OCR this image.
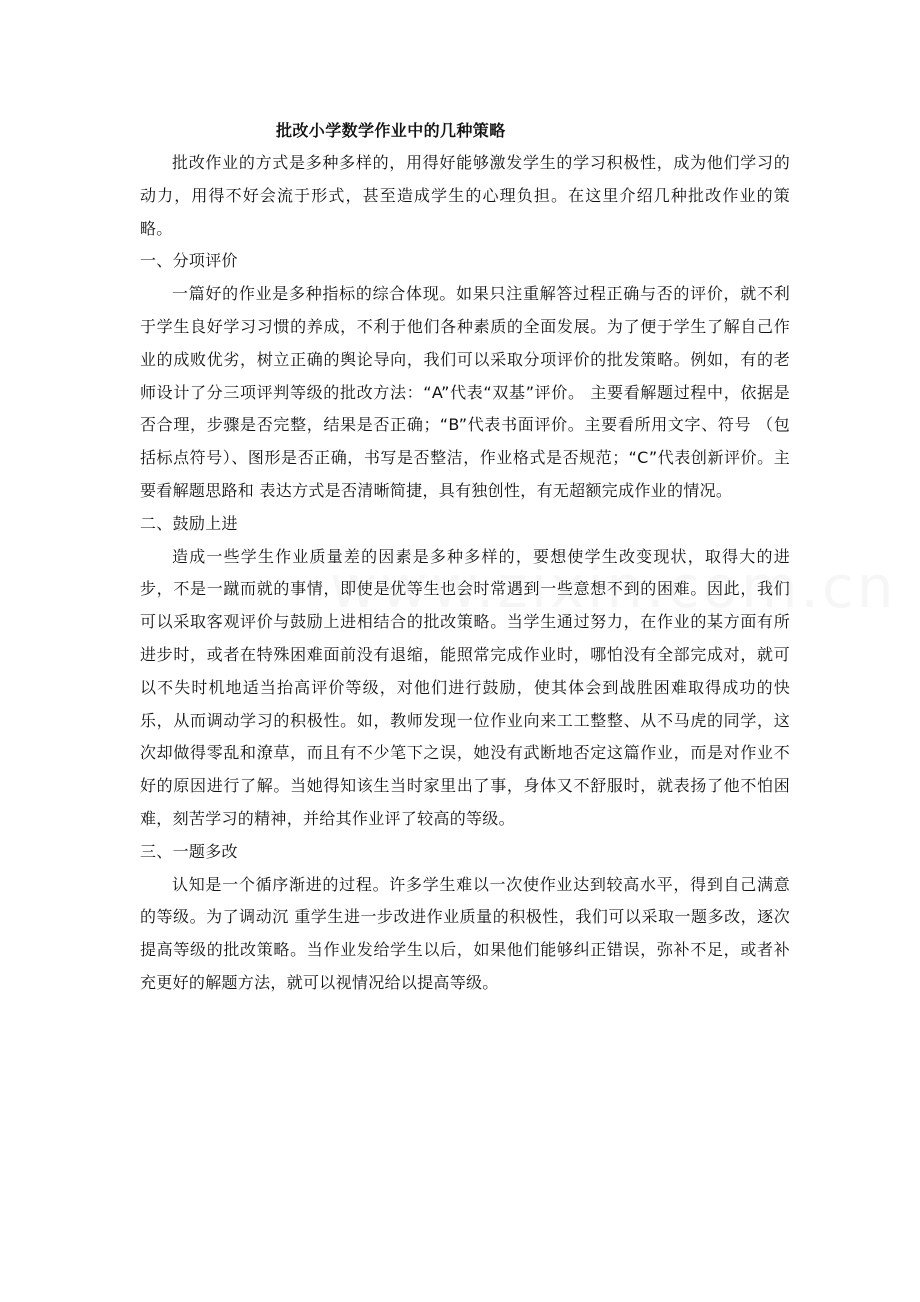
批改小学数学作业中的几种策略

批改作业的方式是多种多样的，用得好能够激发学生的学习积极性，成为他们学习的动力，用得不好会流于形式，甚至造成学生的心理负担。在这里介绍几种批改作业的策略。

一、分项评价

一篇好的作业是多种指标的综合体现。如果只注重解答过程正确与否的评价，就不利于学生良好学习习惯的养成，不利于他们各种素质的全面发展。为了便于学生了解自己作业的成败优劣，树立正确的舆论导向，我们可以采取分项评价的批发策略。例如，有的老师设计了分三项评判等级的批改方法：“A”代表“双基”评价。 主要看解题过程中，依据是否合理，步骤是否完整，结果是否正确；“B”代表书面评价。主要看所用文字、符号 （包括标点符号）、图形是否正确，书写是否整洁，作业格式是否规范；“C”代表创新评价。主要看解题思路和 表达方式是否清晰简捷，具有独创性，有无超额完成作业的情况。

二、鼓励上进

造成一些学生作业质量差的因素是多种多样的，要想使学生改变现状，取得大的进步，不是一蹴而就的事情，即使是优等生也会时常遇到一些意想不到的困难。因此，我们可以采取客观评价与鼓励上进相结合的批改策略。当学生通过努力，在作业的某方面有所进步时，或者在特殊困难面前没有退缩，能照常完成作业时，哪怕没有全部完成对，就可以不失时机地适当抬高评价等级，对他们进行鼓励，使其体会到战胜困难取得成功的快乐，从而调动学习的积极性。如，教师发现一位作业向来工工整整、从不马虎的同学，这次却做得零乱和潦草，而且有不少笔下之误，她没有武断地否定这篇作业，而是对作业不好的原因进行了解。当她得知该生当时家里出了事，身体又不舒服时，就表扬了他不怕困难，刻苦学习的精神，并给其作业评了较高的等级。

三、一题多改

认知是一个循序渐进的过程。许多学生难以一次使作业达到较高水平，得到自己满意的等级。为了调动沉 重学生进一步改进作业质量的积极性，我们可以采取一题多改，逐次提高等级的批改策略。当作业发给学生以后，如果他们能够纠正错误，弥补不足，或者补充更好的解题方法，就可以视情况给以提高等级。
